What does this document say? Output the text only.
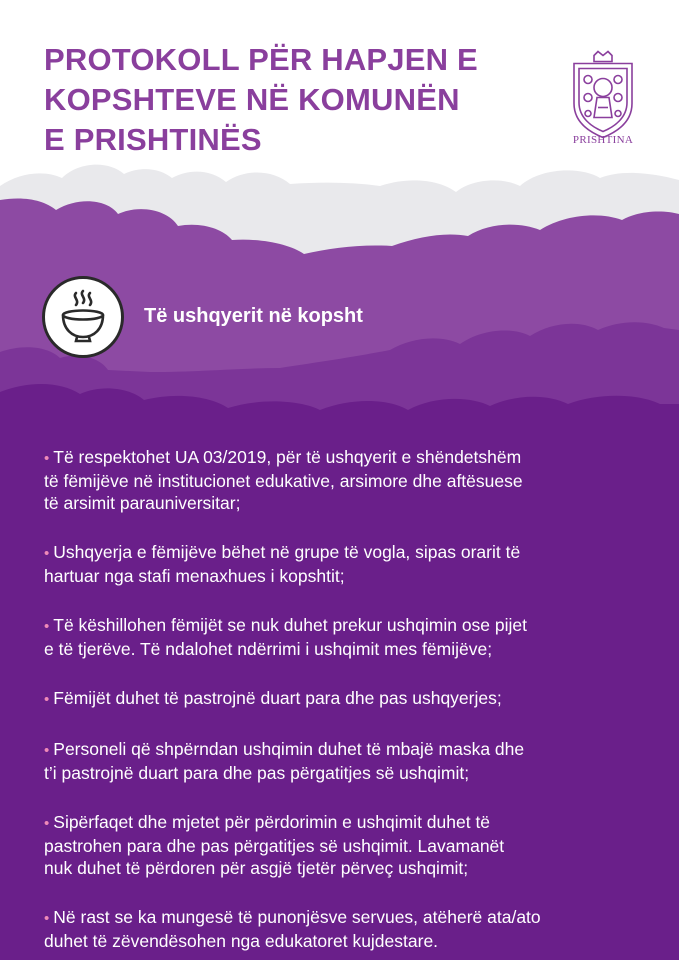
PROTOKOLL PËR HAPJEN E
KOPSHTEVE NË KOMUNËN
E PRISHTINËS	PRISHTINA
Të ushqyerit në kopsht
• Të respektohet UA 03/2019, për të ushqyerit e shëndetshëm
të fëmijëve në institucionet edukative, arsimore dhe aftësuese
të arsimit parauniversitar;
• Ushqyerja e fëmijëve bëhet në grupe të vogla, sipas orarit të
hartuar nga stafi menaxhues i kopshtit;
• Të këshillohen fëmijët se nuk duhet prekur ushqimin ose pijet
e të tjerëve. Të ndalohet ndërrimi i ushqimit mes fëmijëve;
• Fëmijët duhet të pastrojnë duart para dhe pas ushqyerjes;
• Personeli që shpërndan ushqimin duhet të mbajë maska dhe
t’i pastrojnë duart para dhe pas përgatitjes së ushqimit;
• Sipërfaqet dhe mjetet për përdorimin e ushqimit duhet të
pastrohen para dhe pas përgatitjes së ushqimit. Lavamanët
nuk duhet të përdoren për asgjë tjetër përveç ushqimit;
• Në rast se ka mungesë të punonjësve servues, atëherë ata/ato
duhet të zëvendësohen nga edukatoret kujdestare.
